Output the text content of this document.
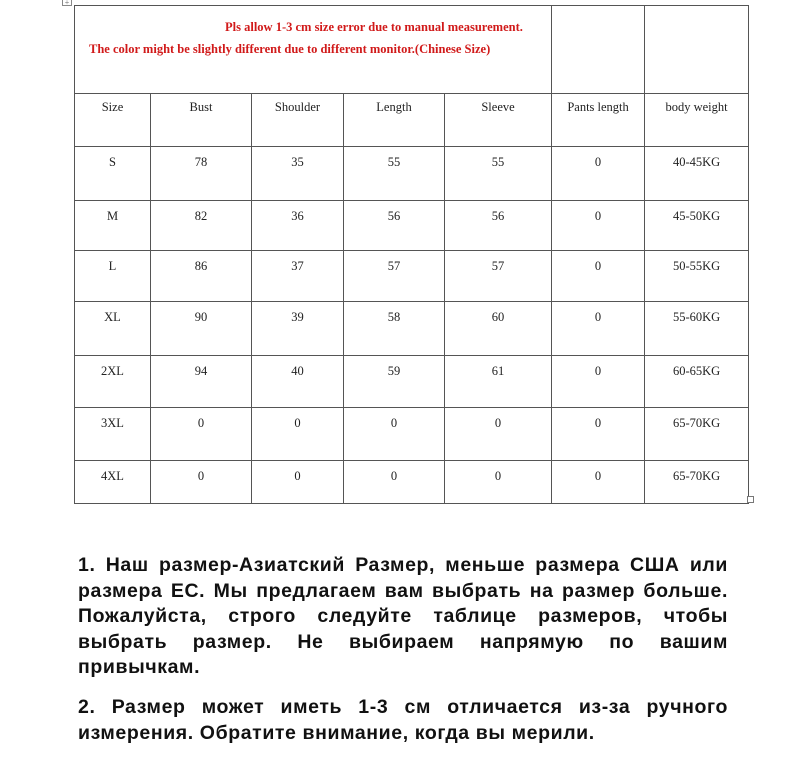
+
Pls allow 1-3 cm size error due to manual measurement.
The color might be slightly different due to different monitor.(Chinese Size)						

Size	Bust	Shoulder	Length	Sleeve	Pants length	body weight
S	78	35	55	55	0	40-45KG
M	82	36	56	56	0	45-50KG
L	86	37	57	57	0	50-55KG
XL	90	39	58	60	0	55-60KG
2XL	94	40	59	61	0	60-65KG
3XL	0	0	0	0	0	65-70KG
4XL	0	0	0	0	0	65-70KG

1. Наш размер-Азиатский Размер, меньше размера США или размера ЕС. Мы предлагаем вам выбрать на размер больше. Пожалуйста, строго следуйте таблице размеров, чтобы выбрать размер. Не выбираем напрямую по вашим привычкам.

2. Размер может иметь 1-3 см отличается из-за ручного измерения. Обратите внимание, когда вы мерили.
